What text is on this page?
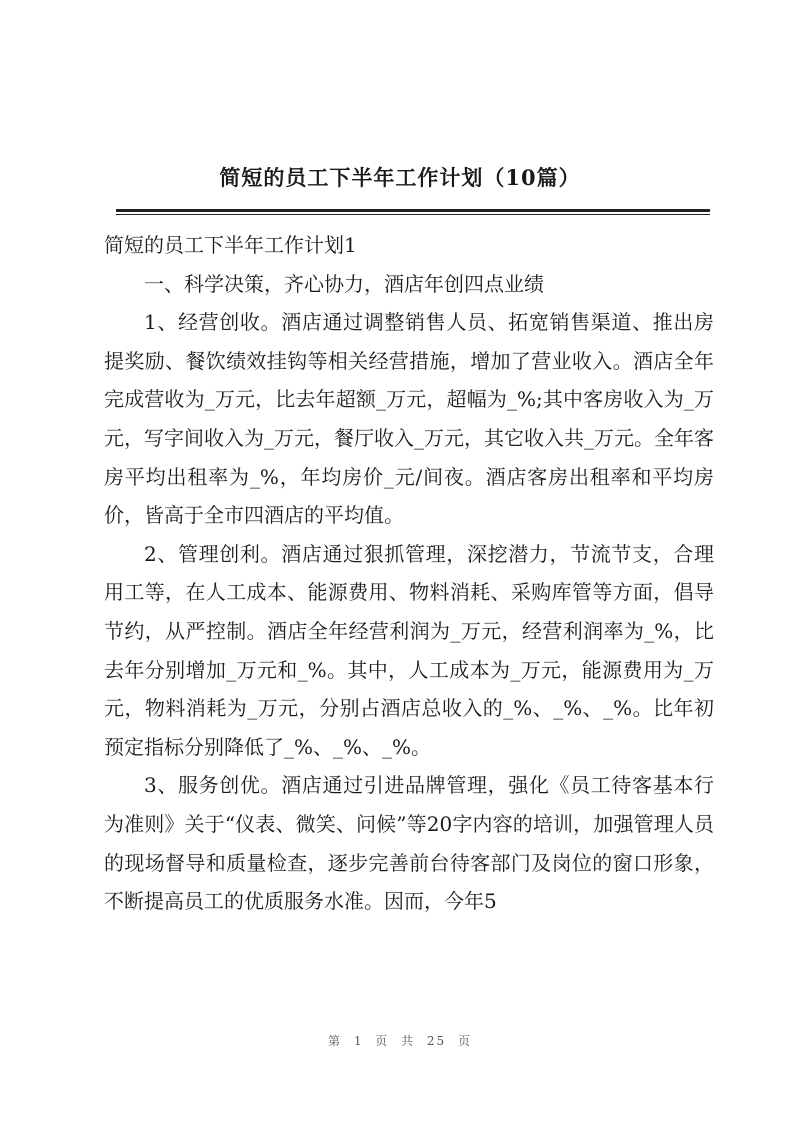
简短的员工下半年工作计划（10篇）

简短的员工下半年工作计划1

一、科学决策，齐心协力，酒店年创四点业绩

1、经营创收。酒店通过调整销售人员、拓宽销售渠道、推出房提奖励、餐饮绩效挂钩等相关经营措施，增加了营业收入。酒店全年完成营收为_万元，比去年超额_万元，超幅为_%;其中客房收入为_万元，写字间收入为_万元，餐厅收入_万元，其它收入共_万元。全年客房平均出租率为_%，年均房价_元/间夜。酒店客房出租率和平均房价，皆高于全市四酒店的平均值。

2、管理创利。酒店通过狠抓管理，深挖潜力，节流节支，合理用工等，在人工成本、能源费用、物料消耗、采购库管等方面，倡导节约，从严控制。酒店全年经营利润为_万元，经营利润率为_%，比去年分别增加_万元和_%。其中，人工成本为_万元，能源费用为_万元，物料消耗为_万元，分别占酒店总收入的_%、_%、_%。比年初预定指标分别降低了_%、_%、_%。

3、服务创优。酒店通过引进品牌管理，强化《员工待客基本行为准则》关于“仪表、微笑、问候”等20字内容的培训，加强管理人员的现场督导和质量检查，逐步完善前台待客部门及岗位的窗口形象，不断提高员工的优质服务水准。因而，今年5

第 1 页 共 25 页
